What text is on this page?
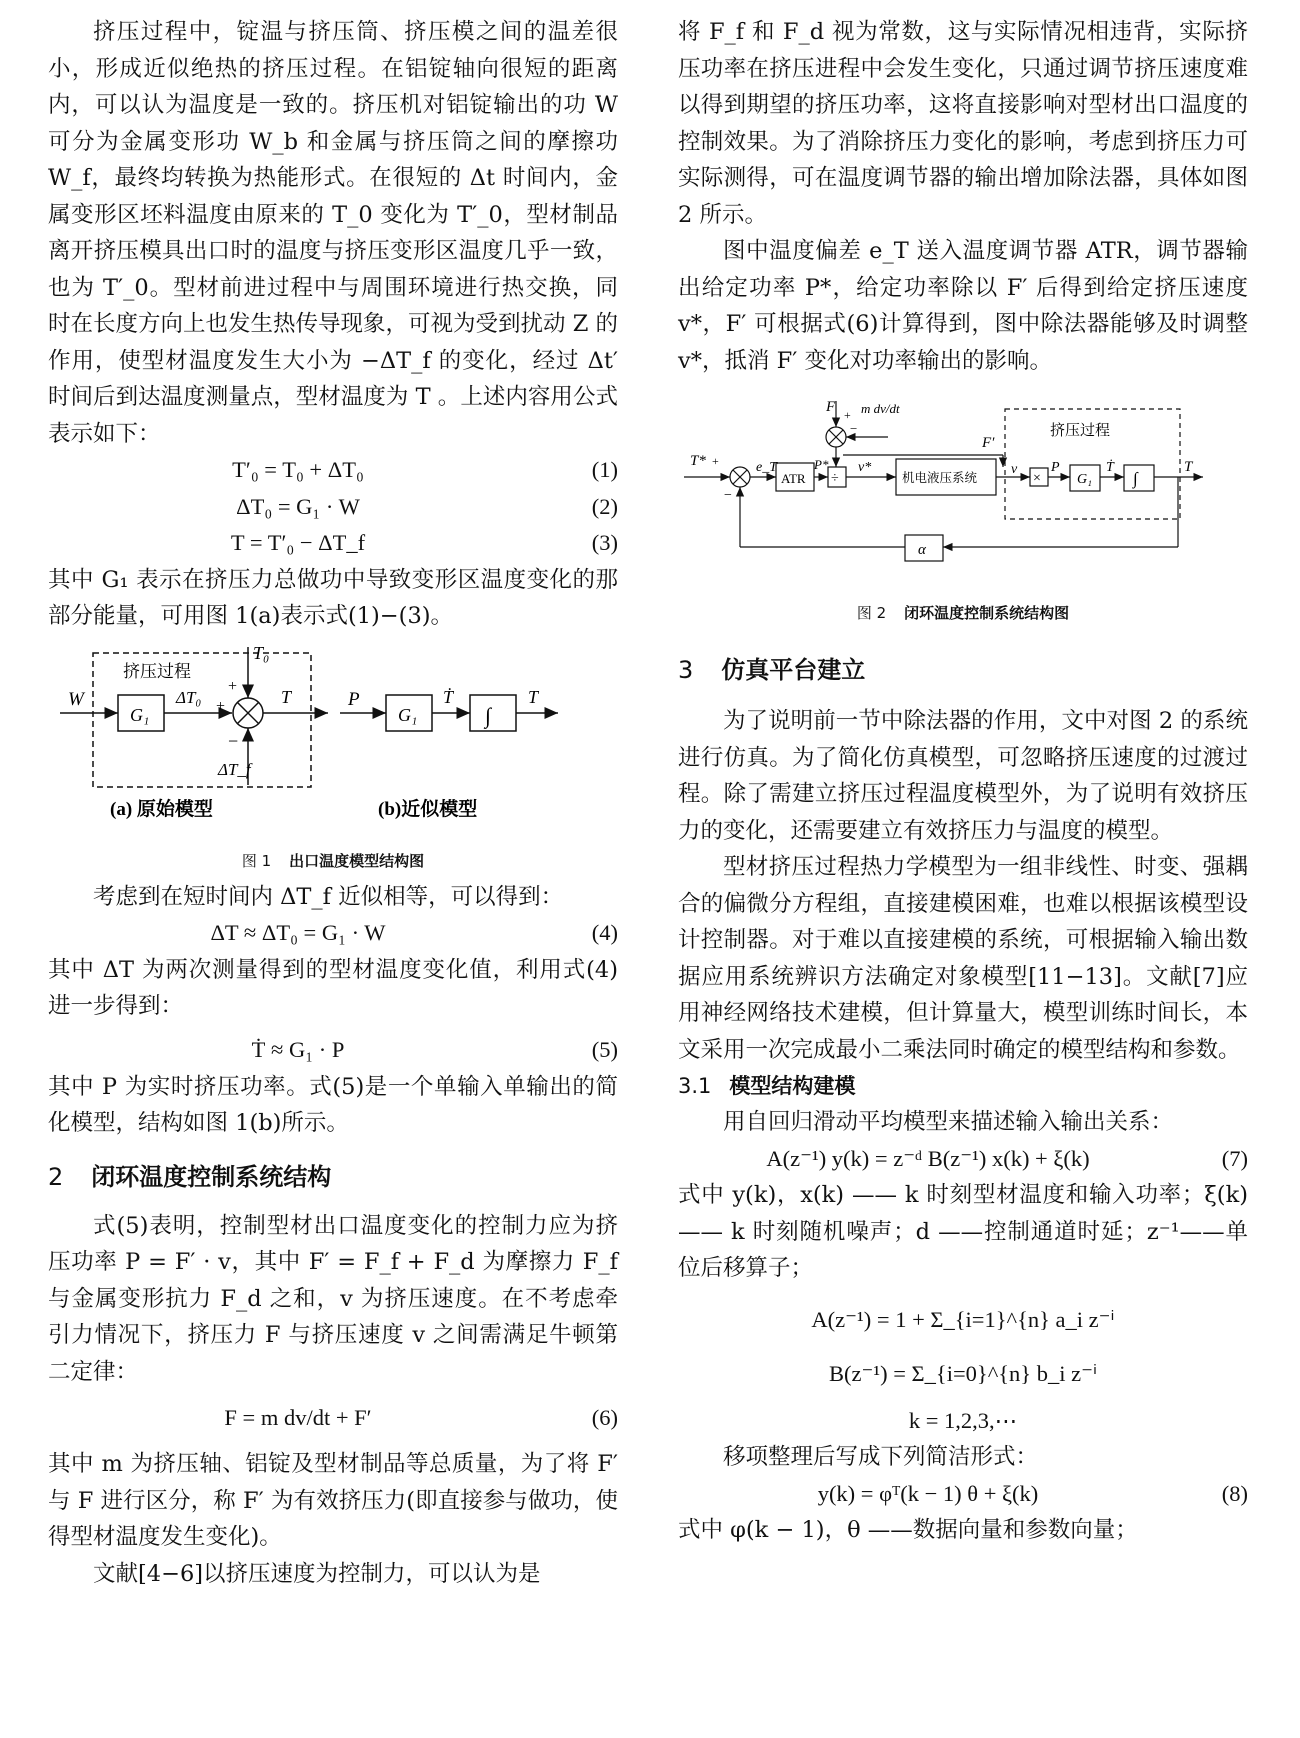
挤压过程中，锭温与挤压筒、挤压模之间的温差很小，形成近似绝热的挤压过程。在铝锭轴向很短的距离内，可以认为温度是一致的。挤压机对铝锭输出的功 W 可分为金属变形功 W_b 和金属与挤压筒之间的摩擦功 W_f，最终均转换为热能形式。在很短的 Δt 时间内，金属变形区坯料温度由原来的 T_0 变化为 T′_0，型材制品离开挤压模具出口时的温度与挤压变形区温度几乎一致，也为 T′_0。型材前进过程中与周围环境进行热交换，同时在长度方向上也发生热传导现象，可视为受到扰动 Z 的作用，使型材温度发生大小为 −ΔT_f 的变化，经过 Δt′ 时间后到达温度测量点，型材温度为 T 。上述内容用公式表示如下：

T′₀ = T₀ + ΔT₀	(1)
ΔT₀ = G₁ · W	(2)
T = T′₀ − ΔT_f	(3)

其中 G₁ 表示在挤压力总做功中导致变形区温度变化的那部分能量，可用图 1(a)表示式(1)−(3)。

挤压过程
W
G₁
ΔT₀ +
T₀
+
−
ΔT_f
T	P
G₁
Ṫ
∫
T
(a) 原始模型	(b)近似模型
图 1 出口温度模型结构图

考虑到在短时间内 ΔT_f 近似相等，可以得到：

ΔT ≈ ΔT₀ = G₁ · W	(4)

其中 ΔT 为两次测量得到的型材温度变化值，利用式(4)进一步得到：

Ṫ ≈ G₁ · P	(5)

其中 P 为实时挤压功率。式(5)是一个单输入单输出的简化模型，结构如图 1(b)所示。

2 闭环温度控制系统结构

式(5)表明，控制型材出口温度变化的控制力应为挤压功率 P = F′ · v，其中 F′ = F_f + F_d 为摩擦力 F_f 与金属变形抗力 F_d 之和，v 为挤压速度。在不考虑牵引力情况下，挤压力 F 与挤压速度 v 之间需满足牛顿第二定律：

F = m dv/dt + F′	(6)

其中 m 为挤压轴、铝锭及型材制品等总质量，为了将 F′ 与 F 进行区分，称 F′ 为有效挤压力(即直接参与做功，使得型材温度发生变化)。

文献[4−6]以挤压速度为控制力，可以认为是

将 F_f 和 F_d 视为常数，这与实际情况相违背，实际挤压功率在挤压进程中会发生变化，只通过调节挤压速度难以得到期望的挤压功率，这将直接影响对型材出口温度的控制效果。为了消除挤压力变化的影响，考虑到挤压力可实际测得，可在温度调节器的输出增加除法器，具体如图 2 所示。

图中温度偏差 e_T 送入温度调节器 ATR，调节器输出给定功率 P*，给定功率除以 F′ 后得到给定挤压速度 v*，F′ 可根据式(6)计算得到，图中除法器能够及时调整 v*，抵消 F′ 变化对功率输出的影响。

F + m dv/dt
−
F′
挤压过程
T* +
−
e_T
ATR
P*
÷
v*
机电液压系统
v
×
P
G₁
Ṫ
∫
T
α
图 2 闭环温度控制系统结构图
3 仿真平台建立

为了说明前一节中除法器的作用，文中对图 2 的系统进行仿真。为了简化仿真模型，可忽略挤压速度的过渡过程。除了需建立挤压过程温度模型外，为了说明有效挤压力的变化，还需要建立有效挤压力与温度的模型。

型材挤压过程热力学模型为一组非线性、时变、强耦合的偏微分方程组，直接建模困难，也难以根据该模型设计控制器。对于难以直接建模的系统，可根据输入输出数据应用系统辨识方法确定对象模型[11−13]。文献[7]应用神经网络技术建模，但计算量大，模型训练时间长，本文采用一次完成最小二乘法同时确定的模型结构和参数。

3.1 模型结构建模

用自回归滑动平均模型来描述输入输出关系：

A(z⁻¹) y(k) = z⁻ᵈ B(z⁻¹) x(k) + ξ(k)	(7)

式中 y(k)，x(k) —— k 时刻型材温度和输入功率；ξ(k) —— k 时刻随机噪声；d ——控制通道时延；z⁻¹——单位后移算子；

A(z⁻¹) = 1 + Σ_{i=1}^{n} a_i z⁻ⁱ
B(z⁻¹) = Σ_{i=0}^{n} b_i z⁻ⁱ
k = 1,2,3,⋯

移项整理后写成下列简洁形式：

y(k) = φᵀ(k − 1) θ + ξ(k)	(8)

式中 φ(k − 1)，θ ——数据向量和参数向量；
